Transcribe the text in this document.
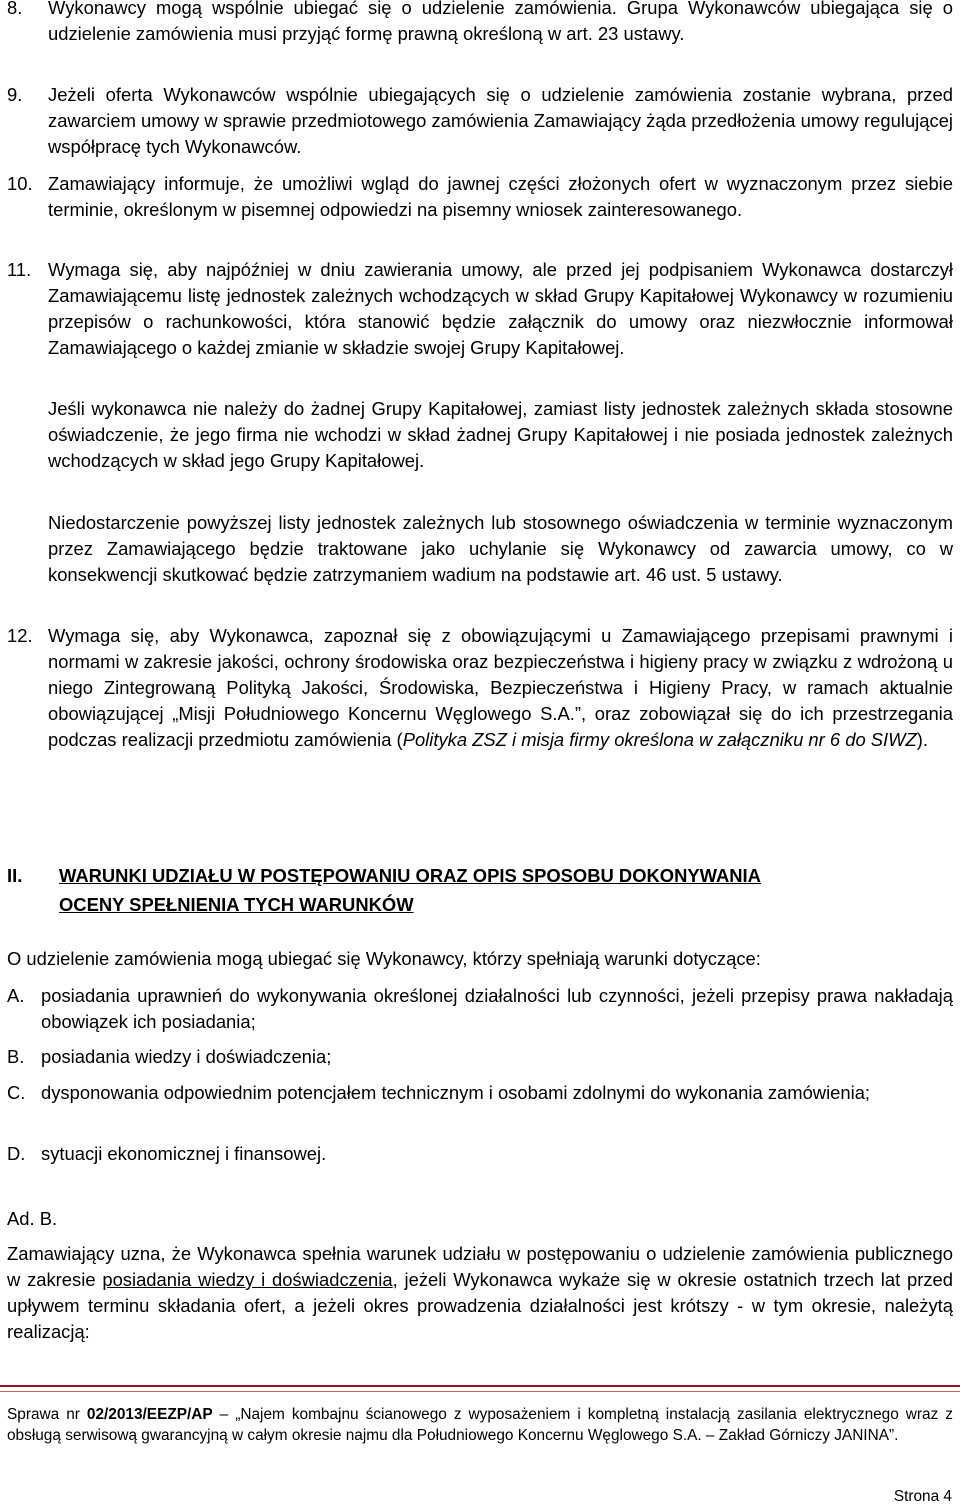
8. Wykonawcy mogą wspólnie ubiegać się o udzielenie zamówienia. Grupa Wykonawców ubiegająca się o udzielenie zamówienia musi przyjąć formę prawną określoną w art. 23 ustawy.

9. Jeżeli oferta Wykonawców wspólnie ubiegających się o udzielenie zamówienia zostanie wybrana, przed zawarciem umowy w sprawie przedmiotowego zamówienia Zamawiający żąda przedłożenia umowy regulującej współpracę tych Wykonawców.

10. Zamawiający informuje, że umożliwi wgląd do jawnej części złożonych ofert w wyznaczonym przez siebie terminie, określonym w pisemnej odpowiedzi na pisemny wniosek zainteresowanego.

11. Wymaga się, aby najpóźniej w dniu zawierania umowy, ale przed jej podpisaniem Wykonawca dostarczył Zamawiającemu listę jednostek zależnych wchodzących w skład Grupy Kapitałowej Wykonawcy w rozumieniu przepisów o rachunkowości, która stanowić będzie załącznik do umowy oraz niezwłocznie informował Zamawiającego o każdej zmianie w składzie swojej Grupy Kapitałowej.

Jeśli wykonawca nie należy do żadnej Grupy Kapitałowej, zamiast listy jednostek zależnych składa stosowne oświadczenie, że jego firma nie wchodzi w skład żadnej Grupy Kapitałowej i nie posiada jednostek zależnych wchodzących w skład jego Grupy Kapitałowej.

Niedostarczenie powyższej listy jednostek zależnych lub stosownego oświadczenia w terminie wyznaczonym przez Zamawiającego będzie traktowane jako uchylanie się Wykonawcy od zawarcia umowy, co w konsekwencji skutkować będzie zatrzymaniem wadium na podstawie art. 46 ust. 5 ustawy.

12. Wymaga się, aby Wykonawca, zapoznał się z obowiązującymi u Zamawiającego przepisami prawnymi i normami w zakresie jakości, ochrony środowiska oraz bezpieczeństwa i higieny pracy w związku z wdrożoną u niego Zintegrowaną Polityką Jakości, Środowiska, Bezpieczeństwa i Higieny Pracy, w ramach aktualnie obowiązującej „Misji Południowego Koncernu Węglowego S.A.”, oraz zobowiązał się do ich przestrzegania podczas realizacji przedmiotu zamówienia (Polityka ZSZ i misja firmy określona w załączniku nr 6 do SIWZ).

II. WARUNKI UDZIAŁU W POSTĘPOWANIU ORAZ OPIS SPOSOBU DOKONYWANIA
OCENY SPEŁNIENIA TYCH WARUNKÓW

O udzielenie zamówienia mogą ubiegać się Wykonawcy, którzy spełniają warunki dotyczące:

A. posiadania uprawnień do wykonywania określonej działalności lub czynności, jeżeli przepisy prawa nakładają obowiązek ich posiadania;

B. posiadania wiedzy i doświadczenia;

C. dysponowania odpowiednim potencjałem technicznym i osobami zdolnymi do wykonania zamówienia;

D. sytuacji ekonomicznej i finansowej.

Ad. B.

Zamawiający uzna, że Wykonawca spełnia warunek udziału w postępowaniu o udzielenie zamówienia publicznego w zakresie posiadania wiedzy i doświadczenia, jeżeli Wykonawca wykaże się w okresie ostatnich trzech lat przed upływem terminu składania ofert, a jeżeli okres prowadzenia działalności jest krótszy - w tym okresie, należytą realizacją:

Sprawa nr 02/2013/EEZP/AP – „Najem kombajnu ścianowego z wyposażeniem i kompletną instalacją zasilania elektrycznego wraz z obsługą serwisową gwarancyjną w całym okresie najmu dla Południowego Koncernu Węglowego S.A. – Zakład Górniczy JANINA”.

Strona 4
